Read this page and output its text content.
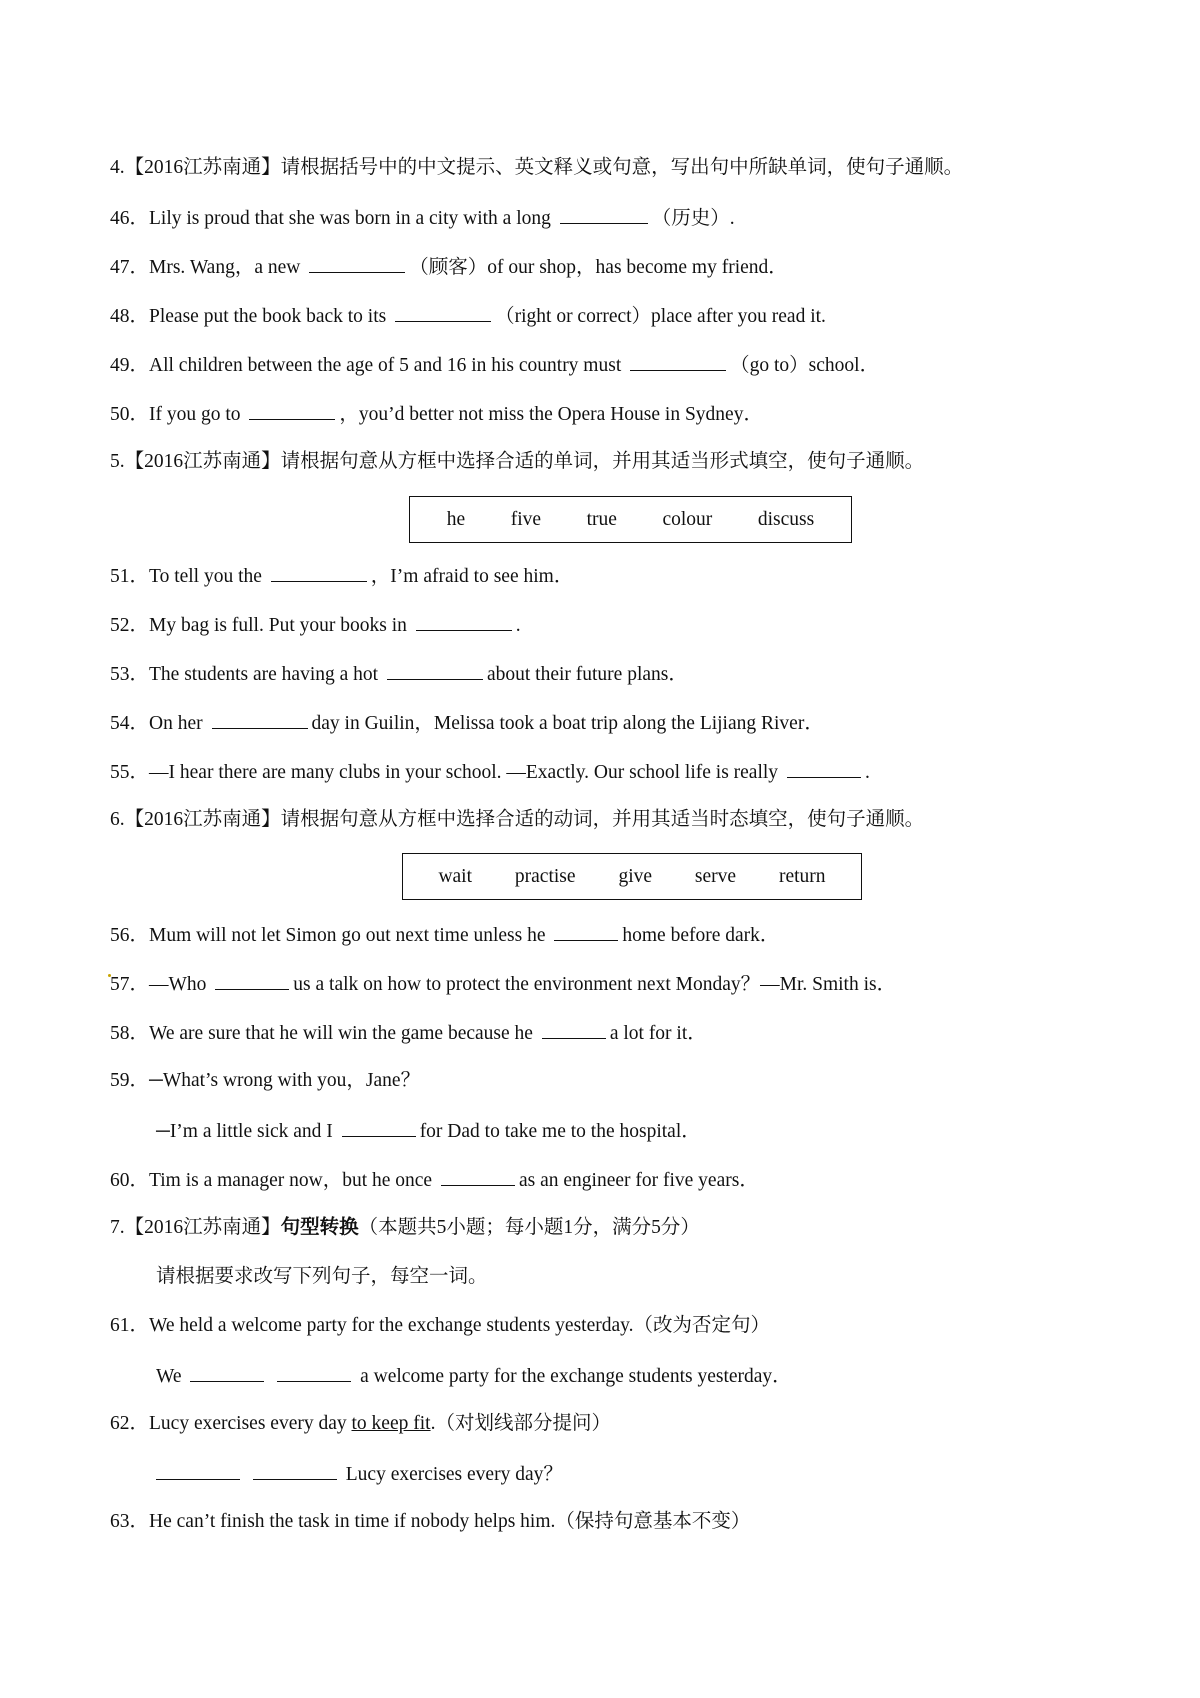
4.【2016江苏南通】请根据括号中的中文提示、英文释义或句意，写出句中所缺单词，使句子通顺。
46．Lily is proud that she was born in a city with a long	（历史）.
47．Mrs. Wang，a new	（顾客）of our shop，has become my friend．
48．Please put the book back to its	（right or correct）place after you read it.
49．All children between the age of 5 and 16 in his country must	（go to）school．
50．If you go to	，you’d better not miss the Opera House in Sydney．
5.【2016江苏南通】请根据句意从方框中选择合适的单词，并用其适当形式填空，使句子通顺。
he	five	true	colour	discuss
51．To tell you the	，I’m afraid to see him．
52．My bag is full. Put your books in	.
53．The students are having a hot	about their future plans．
54．On her	day in Guilin，Melissa took a boat trip along the Lijiang River．
55．—I hear there are many clubs in your school. —Exactly. Our school life is really	.
6.【2016江苏南通】请根据句意从方框中选择合适的动词，并用其适当时态填空，使句子通顺。
wait	practise	give	serve	return
56．Mum will not let Simon go out next time unless he	home before dark．
57．—Who	us a talk on how to protect the environment next Monday？—Mr. Smith is．
58．We are sure that he will win the game because he	a lot for it．
59．─What’s wrong with you，Jane？
─I’m a little sick and I	for Dad to take me to the hospital．
60．Tim is a manager now，but he once	as an engineer for five years．
7.【2016江苏南通】句型转换（本题共5小题；每小题1分，满分5分）
请根据要求改写下列句子，每空一词。
61．We held a welcome party for the exchange students yesterday.（改为否定句）
We	a welcome party for the exchange students yesterday．
62．Lucy exercises every day to keep fit.（对划线部分提问）
Lucy exercises every day？
63．He can’t finish the task in time if nobody helps him.（保持句意基本不变）
